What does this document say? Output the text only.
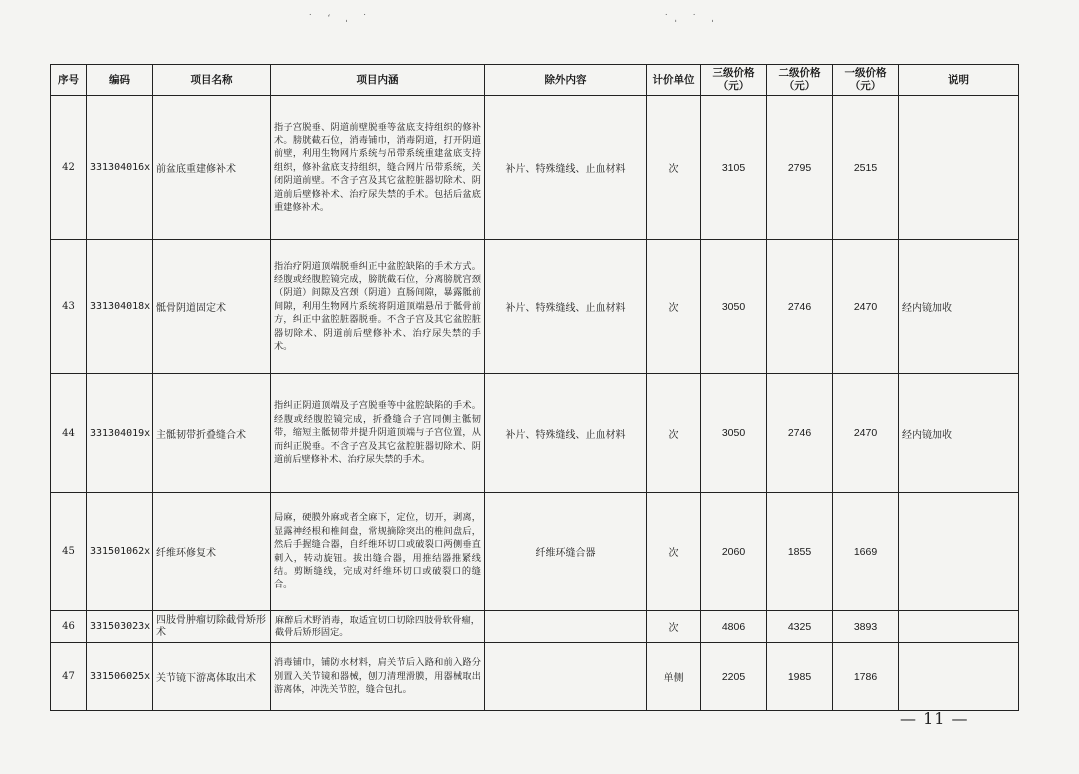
˙ ‘ ˌ ˙	˙ˌ ˙ ˌ
序号	编码	项目名称	项目内涵	除外内容	计价单位	三级价格（元）	二级价格（元）	一级价格（元）	说明
42	331304016x	前盆底重建修补术	指子宫脱垂、阴道前壁脱垂等盆底支持组织的修补术。膀胱截石位，消毒铺巾，消毒阴道，打开阴道前壁，利用生物网片系统与吊带系统重建盆底支持组织，修补盆底支持组织，缝合网片吊带系统，关闭阴道前壁。不含子宫及其它盆腔脏器切除术、阴道前后壁修补术、治疗尿失禁的手术。包括后盆底重建修补术。	补片、特殊缝线、止血材料	次	3105	2795	2515	
43	331304018x	骶骨阴道固定术	指治疗阴道顶端脱垂纠正中盆腔缺陷的手术方式。经腹或经腹腔镜完成，膀胱截石位，分离膀胱宫颈（阴道）间隙及宫颈（阴道）直肠间隙，暴露骶前间隙，利用生物网片系统将阴道顶端悬吊于骶骨前方，纠正中盆腔脏器脱垂。不含子宫及其它盆腔脏器切除术、阴道前后壁修补术、治疗尿失禁的手术。	补片、特殊缝线、止血材料	次	3050	2746	2470	经内镜加收
44	331304019x	主骶韧带折叠缝合术	指纠正阴道顶端及子宫脱垂等中盆腔缺陷的手术。经腹或经腹腔镜完成，折叠缝合子宫同侧主骶韧带，缩短主骶韧带并提升阴道顶端与子宫位置，从而纠正脱垂。不含子宫及其它盆腔脏器切除术、阴道前后壁修补术、治疗尿失禁的手术。	补片、特殊缝线、止血材料	次	3050	2746	2470	经内镜加收
45	331501062x	纤维环修复术	局麻，硬膜外麻或者全麻下，定位，切开，剥离，显露神经根和椎间盘，常规摘除突出的椎间盘后，然后手握缝合器，自纤维环切口或破裂口两侧垂直刺入，转动旋钮。拔出缝合器，用推结器推紧线结。剪断缝线，完成对纤维环切口或破裂口的缝合。	纤维环缝合器	次	2060	1855	1669	
46	331503023x	四肢骨肿瘤切除截骨矫形术	麻醉后术野消毒，取适宜切口切除四肢骨软骨瘤，截骨后矫形固定。		次	4806	4325	3893	
47	331506025x	关节镜下游离体取出术	消毒铺巾，铺防水材料，肩关节后入路和前入路分别置入关节镜和器械，刨刀清理滑膜，用器械取出游离体，冲洗关节腔，缝合包扎。		单侧	2205	1985	1786	
— 11 —
